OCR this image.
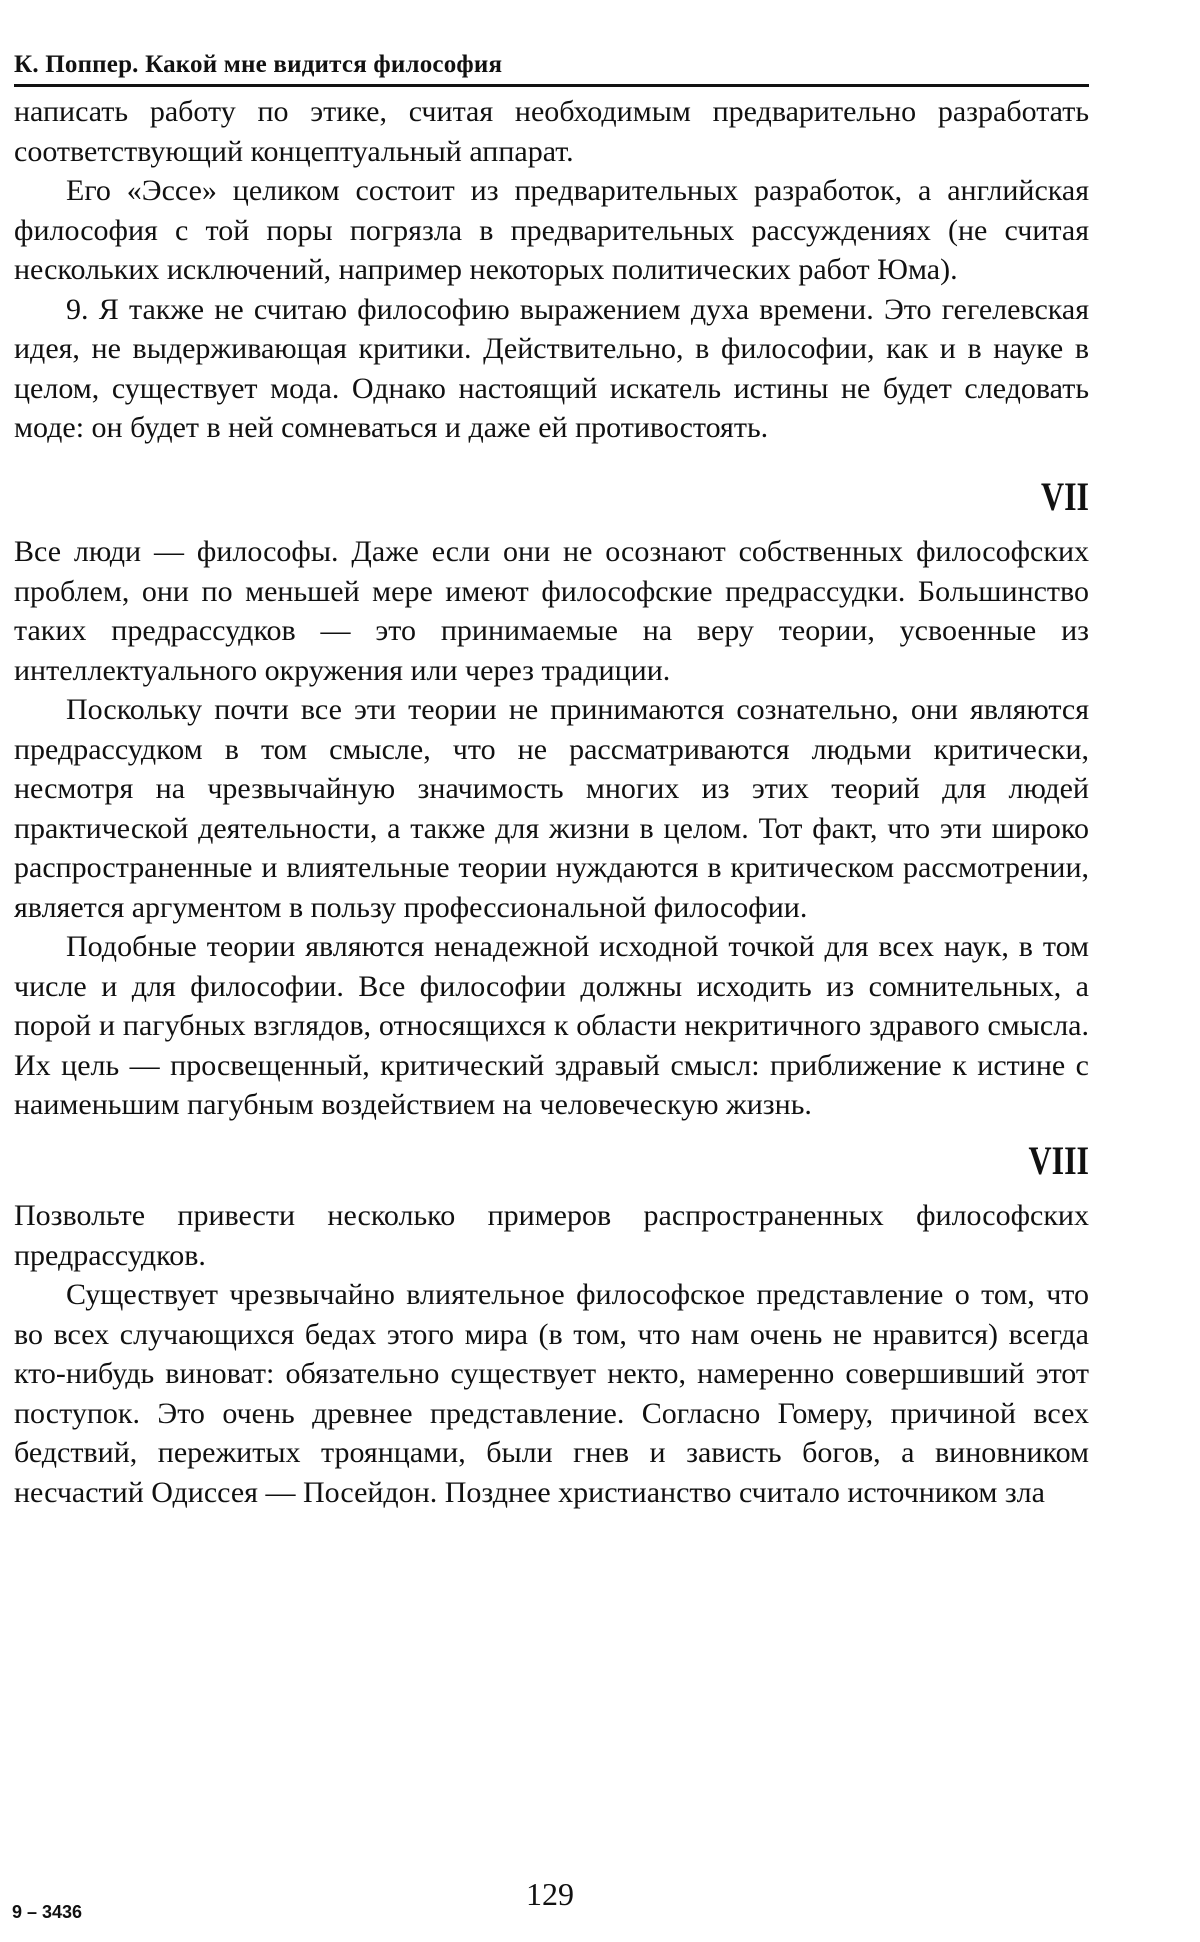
К. Поппер. Какой мне видится философия

написать работу по этике, считая необходимым предварительно разработать соответствующий концептуальный аппарат.

Его «Эссе» целиком состоит из предварительных разработок, а английская философия с той поры погрязла в предварительных рассуждениях (не считая нескольких исключений, например некоторых политических работ Юма).

9. Я также не считаю философию выражением духа времени. Это гегелевская идея, не выдерживающая критики. Действительно, в философии, как и в науке в целом, существует мода. Однако настоящий искатель истины не будет следовать моде: он будет в ней сомневаться и даже ей противостоять.

VII

Все люди — философы. Даже если они не осознают собственных философских проблем, они по меньшей мере имеют философские предрассудки. Большинство таких предрассудков — это принимаемые на веру теории, усвоенные из интеллектуального окружения или через традиции.

Поскольку почти все эти теории не принимаются сознательно, они являются предрассудком в том смысле, что не рассматриваются людьми критически, несмотря на чрезвычайную значимость многих из этих теорий для людей практической деятельности, а также для жизни в целом. Тот факт, что эти широко распространенные и влиятельные теории нуждаются в критическом рассмотрении, является аргументом в пользу профессиональной философии.

Подобные теории являются ненадежной исходной точкой для всех наук, в том числе и для философии. Все философии должны исходить из сомнительных, а порой и пагубных взглядов, относящихся к области некритичного здравого смысла. Их цель — просвещенный, критический здравый смысл: приближение к истине с наименьшим пагубным воздействием на человеческую жизнь.

VIII

Позвольте привести несколько примеров распространенных философских предрассудков.

Существует чрезвычайно влиятельное философское представление о том, что во всех случающихся бедах этого мира (в том, что нам очень не нравится) всегда кто-нибудь виноват: обязательно существует некто, намеренно совершивший этот поступок. Это очень древнее представление. Согласно Гомеру, причиной всех бедствий, пережитых троянцами, были гнев и зависть богов, а виновником несчастий Одиссея — Посейдон. Позднее христианство считало источником зла

9 – 3436	129
